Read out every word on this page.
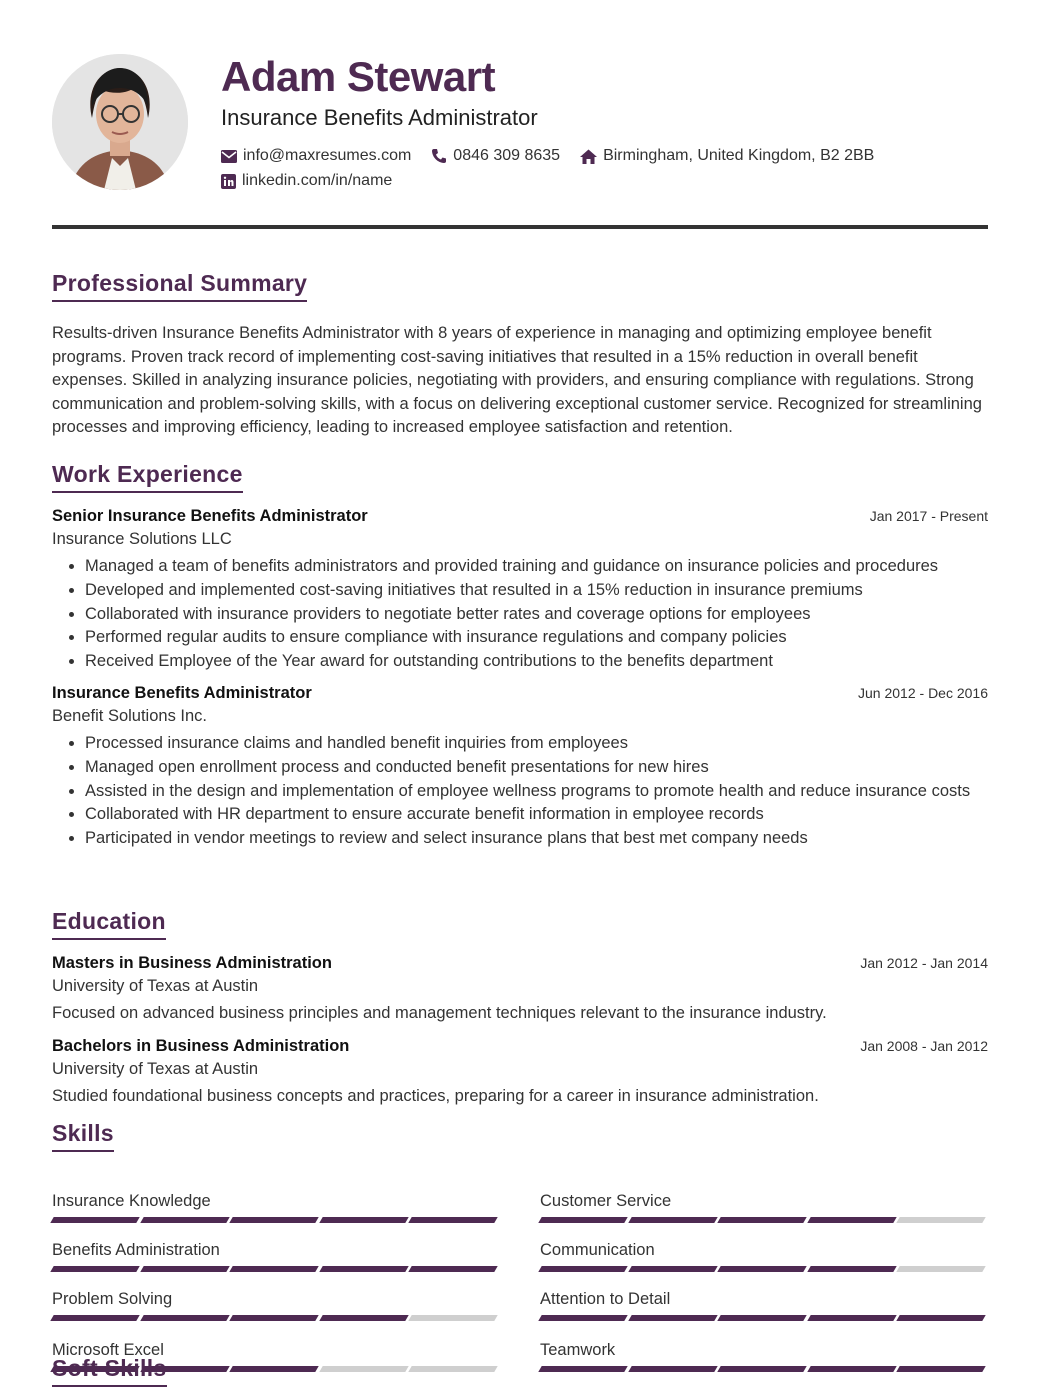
Adam Stewart
Insurance Benefits Administrator
info@maxresumes.com	0846 309 8635	Birmingham, United Kingdom, B2 2BB
linkedin.com/in/name
Professional Summary

Results-driven Insurance Benefits Administrator with 8 years of experience in managing and optimizing employee benefit programs. Proven track record of implementing cost-saving initiatives that resulted in a 15% reduction in overall benefit expenses. Skilled in analyzing insurance policies, negotiating with providers, and ensuring compliance with regulations. Strong communication and problem-solving skills, with a focus on delivering exceptional customer service. Recognized for streamlining processes and improving efficiency, leading to increased employee satisfaction and retention.

Work Experience
Senior Insurance Benefits Administrator	Jan 2017 - Present
Insurance Solutions LLC
• Managed a team of benefits administrators and provided training and guidance on insurance policies and procedures
• Developed and implemented cost-saving initiatives that resulted in a 15% reduction in insurance premiums
• Collaborated with insurance providers to negotiate better rates and coverage options for employees
• Performed regular audits to ensure compliance with insurance regulations and company policies
• Received Employee of the Year award for outstanding contributions to the benefits department
Insurance Benefits Administrator	Jun 2012 - Dec 2016
Benefit Solutions Inc.
• Processed insurance claims and handled benefit inquiries from employees
• Managed open enrollment process and conducted benefit presentations for new hires
• Assisted in the design and implementation of employee wellness programs to promote health and reduce insurance costs
• Collaborated with HR department to ensure accurate benefit information in employee records
• Participated in vendor meetings to review and select insurance plans that best met company needs
Education
Masters in Business Administration	Jan 2012 - Jan 2014
University of Texas at Austin
Focused on advanced business principles and management techniques relevant to the insurance industry.
Bachelors in Business Administration	Jan 2008 - Jan 2012
University of Texas at Austin
Studied foundational business concepts and practices, preparing for a career in insurance administration.
Skills
Insurance Knowledge	Customer Service
Benefits Administration	Communication
Problem Solving	Attention to Detail
Microsoft Excel	Teamwork
Soft Skills
